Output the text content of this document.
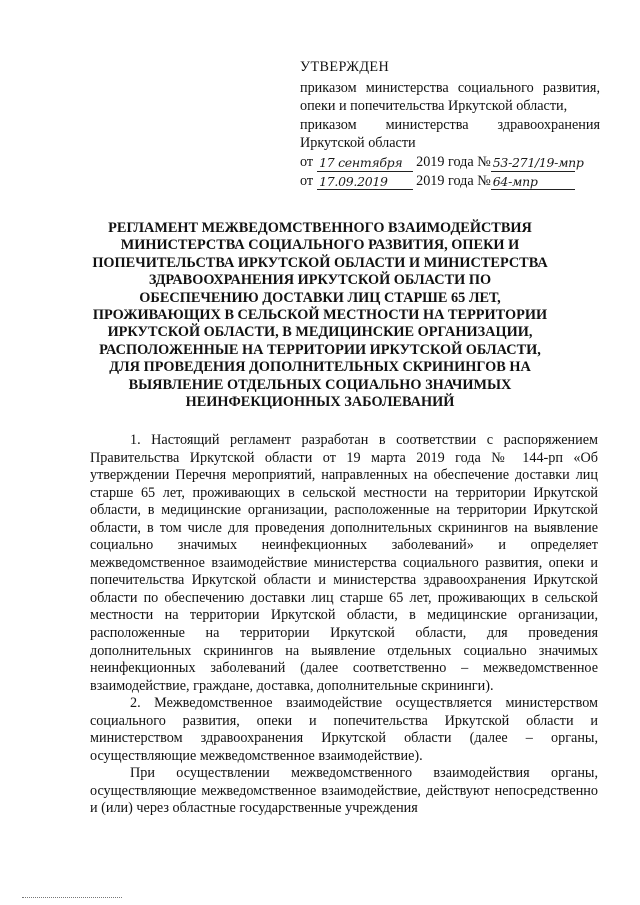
УТВЕРЖДЕН
приказом министерства социального развития, опеки и попечительства Иркутской области,
приказом министерства здравоохранения Иркутской области
от 17 сентября 2019 года № 53-271/19-мпр
от 17.09.2019 2019 года № 64-мпр
РЕГЛАМЕНТ МЕЖВЕДОМСТВЕННОГО ВЗАИМОДЕЙСТВИЯ МИНИСТЕРСТВА СОЦИАЛЬНОГО РАЗВИТИЯ, ОПЕКИ И ПОПЕЧИТЕЛЬСТВА ИРКУТСКОЙ ОБЛАСТИ И МИНИСТЕРСТВА ЗДРАВООХРАНЕНИЯ ИРКУТСКОЙ ОБЛАСТИ ПО ОБЕСПЕЧЕНИЮ ДОСТАВКИ ЛИЦ СТАРШЕ 65 ЛЕТ, ПРОЖИВАЮЩИХ В СЕЛЬСКОЙ МЕСТНОСТИ НА ТЕРРИТОРИИ ИРКУТСКОЙ ОБЛАСТИ, В МЕДИЦИНСКИЕ ОРГАНИЗАЦИИ, РАСПОЛОЖЕННЫЕ НА ТЕРРИТОРИИ ИРКУТСКОЙ ОБЛАСТИ, ДЛЯ ПРОВЕДЕНИЯ ДОПОЛНИТЕЛЬНЫХ СКРИНИНГОВ НА ВЫЯВЛЕНИЕ ОТДЕЛЬНЫХ СОЦИАЛЬНО ЗНАЧИМЫХ НЕИНФЕКЦИОННЫХ ЗАБОЛЕВАНИЙ

1. Настоящий регламент разработан в соответствии с распоряжением Правительства Иркутской области от 19 марта 2019 года № 144-рп «Об утверждении Перечня мероприятий, направленных на обеспечение доставки лиц старше 65 лет, проживающих в сельской местности на территории Иркутской области, в медицинские организации, расположенные на территории Иркутской области, в том числе для проведения дополнительных скринингов на выявление социально значимых неинфекционных заболеваний» и определяет межведомственное взаимодействие министерства социального развития, опеки и попечительства Иркутской области и министерства здравоохранения Иркутской области по обеспечению доставки лиц старше 65 лет, проживающих в сельской местности на территории Иркутской области, в медицинские организации, расположенные на территории Иркутской области, для проведения дополнительных скринингов на выявление отдельных социально значимых неинфекционных заболеваний (далее соответственно – межведомственное взаимодействие, граждане, доставка, дополнительные скрининги).

2. Межведомственное взаимодействие осуществляется министерством социального развития, опеки и попечительства Иркутской области и министерством здравоохранения Иркутской области (далее – органы, осуществляющие межведомственное взаимодействие).

При осуществлении межведомственного взаимодействия органы, осуществляющие межведомственное взаимодействие, действуют непосредственно и (или) через областные государственные учреждения
